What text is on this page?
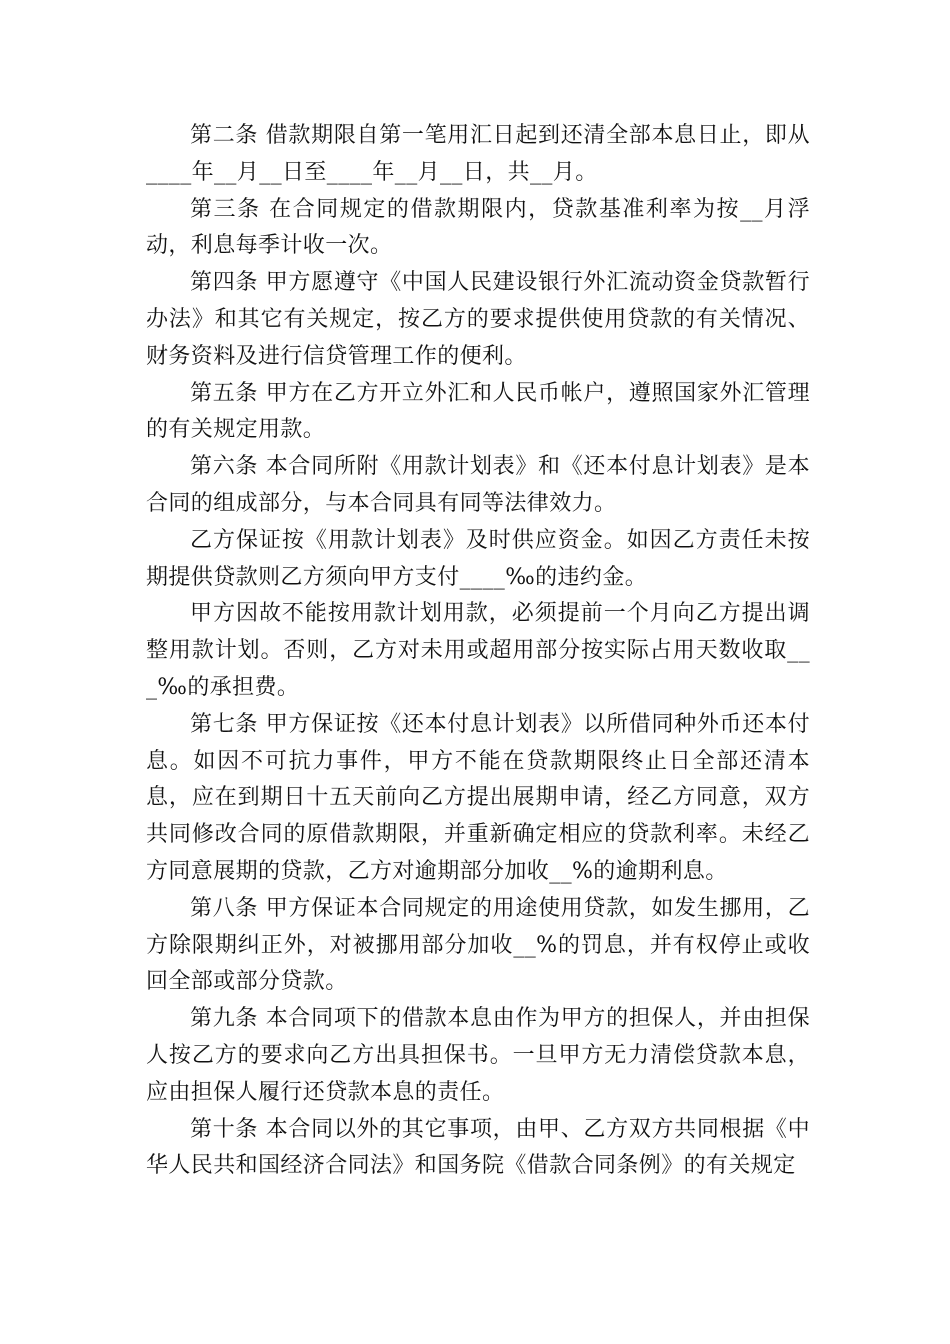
第二条 借款期限自第一笔用汇日起到还清全部本息日止，即从____年__月__日至____年__月__日，共__月。

第三条 在合同规定的借款期限内，贷款基准利率为按__月浮动，利息每季计收一次。

第四条 甲方愿遵守《中国人民建设银行外汇流动资金贷款暂行办法》和其它有关规定，按乙方的要求提供使用贷款的有关情况、财务资料及进行信贷管理工作的便利。

第五条 甲方在乙方开立外汇和人民币帐户，遵照国家外汇管理的有关规定用款。

第六条 本合同所附《用款计划表》和《还本付息计划表》是本合同的组成部分，与本合同具有同等法律效力。

乙方保证按《用款计划表》及时供应资金。如因乙方责任未按期提供贷款则乙方须向甲方支付____‰的违约金。

甲方因故不能按用款计划用款，必须提前一个月向乙方提出调整用款计划。否则，乙方对未用或超用部分按实际占用天数收取___‰的承担费。

第七条 甲方保证按《还本付息计划表》以所借同种外币还本付息。如因不可抗力事件，甲方不能在贷款期限终止日全部还清本息，应在到期日十五天前向乙方提出展期申请，经乙方同意，双方共同修改合同的原借款期限，并重新确定相应的贷款利率。未经乙方同意展期的贷款，乙方对逾期部分加收__%的逾期利息。

第八条 甲方保证本合同规定的用途使用贷款，如发生挪用，乙方除限期纠正外，对被挪用部分加收__%的罚息，并有权停止或收回全部或部分贷款。

第九条 本合同项下的借款本息由作为甲方的担保人，并由担保人按乙方的要求向乙方出具担保书。一旦甲方无力清偿贷款本息，应由担保人履行还贷款本息的责任。

第十条 本合同以外的其它事项，由甲、乙方双方共同根据《中华人民共和国经济合同法》和国务院《借款合同条例》的有关规定
